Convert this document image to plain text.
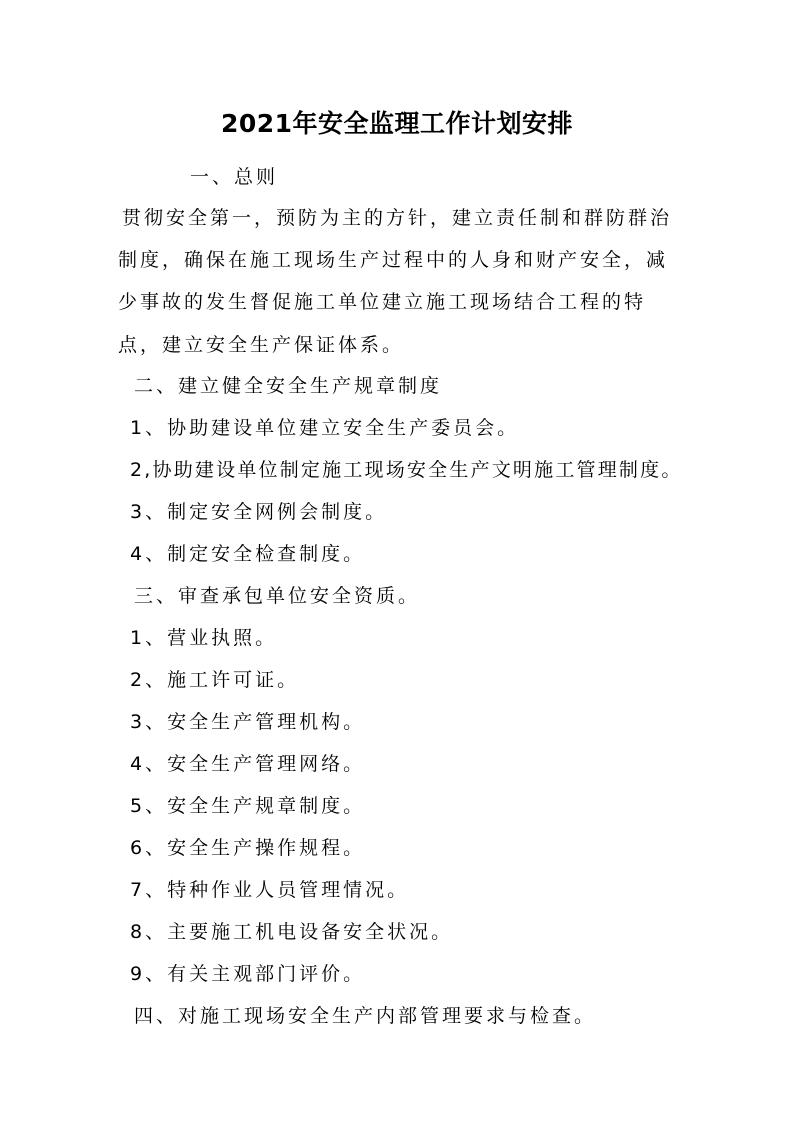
2021年安全监理工作计划安排
一、总则
贯彻安全第一，预防为主的方针，建立责任制和群防群治制度，确保在施工现场生产过程中的人身和财产安全，减少事故的发生督促施工单位建立施工现场结合工程的特点，建立安全生产保证体系。
二、建立健全安全生产规章制度
1、协助建设单位建立安全生产委员会。
2,协助建设单位制定施工现场安全生产文明施工管理制度。
3、制定安全网例会制度。
4、制定安全检查制度。
三、审查承包单位安全资质。
1、营业执照。
2、施工许可证。
3、安全生产管理机构。
4、安全生产管理网络。
5、安全生产规章制度。
6、安全生产操作规程。
7、特种作业人员管理情况。
8、主要施工机电设备安全状况。
9、有关主观部门评价。
四、对施工现场安全生产内部管理要求与检查。
